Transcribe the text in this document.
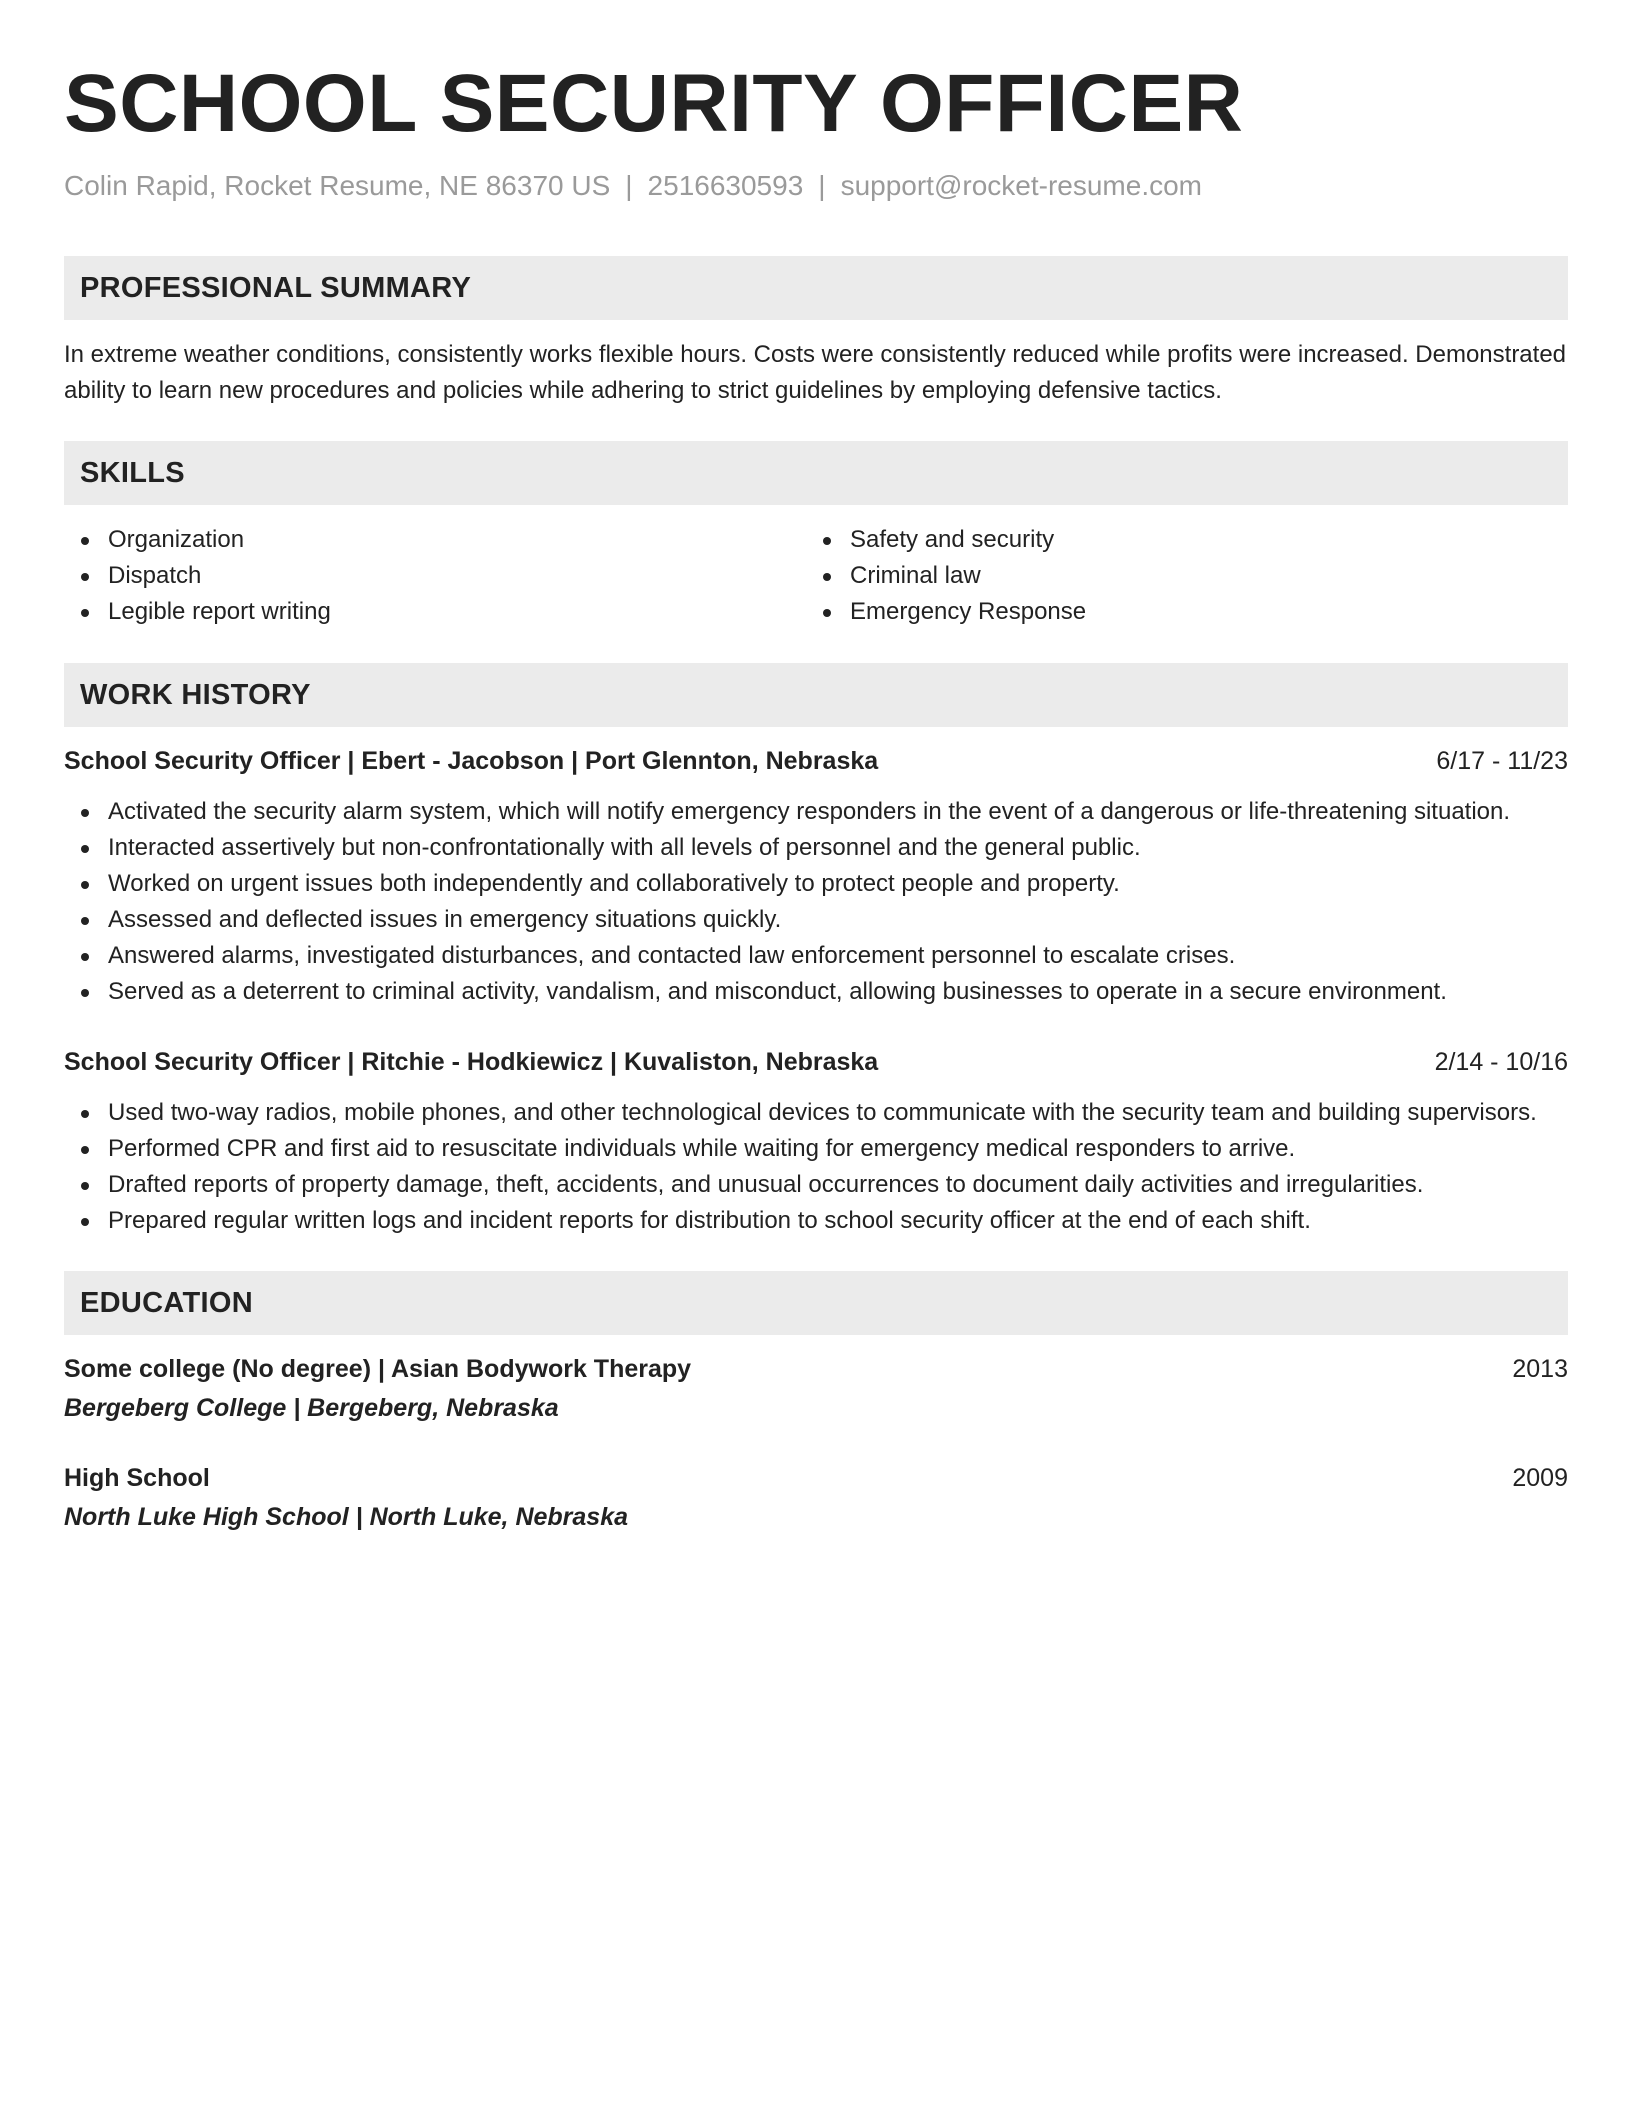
SCHOOL SECURITY OFFICER
Colin Rapid, Rocket Resume, NE 86370 US | 2516630593 | support@rocket-resume.com
PROFESSIONAL SUMMARY
In extreme weather conditions, consistently works flexible hours. Costs were consistently reduced while profits were increased. Demonstrated ability to learn new procedures and policies while adhering to strict guidelines by employing defensive tactics.
SKILLS
Organization
Dispatch
Legible report writing
Safety and security
Criminal law
Emergency Response
WORK HISTORY
School Security Officer | Ebert - Jacobson | Port Glennton, Nebraska	6/17 - 11/23
Activated the security alarm system, which will notify emergency responders in the event of a dangerous or life-threatening situation.
Interacted assertively but non-confrontationally with all levels of personnel and the general public.
Worked on urgent issues both independently and collaboratively to protect people and property.
Assessed and deflected issues in emergency situations quickly.
Answered alarms, investigated disturbances, and contacted law enforcement personnel to escalate crises.
Served as a deterrent to criminal activity, vandalism, and misconduct, allowing businesses to operate in a secure environment.
School Security Officer | Ritchie - Hodkiewicz | Kuvaliston, Nebraska	2/14 - 10/16
Used two-way radios, mobile phones, and other technological devices to communicate with the security team and building supervisors.
Performed CPR and first aid to resuscitate individuals while waiting for emergency medical responders to arrive.
Drafted reports of property damage, theft, accidents, and unusual occurrences to document daily activities and irregularities.
Prepared regular written logs and incident reports for distribution to school security officer at the end of each shift.
EDUCATION
Some college (No degree) | Asian Bodywork Therapy	2013
Bergeberg College | Bergeberg, Nebraska
High School	2009
North Luke High School | North Luke, Nebraska
